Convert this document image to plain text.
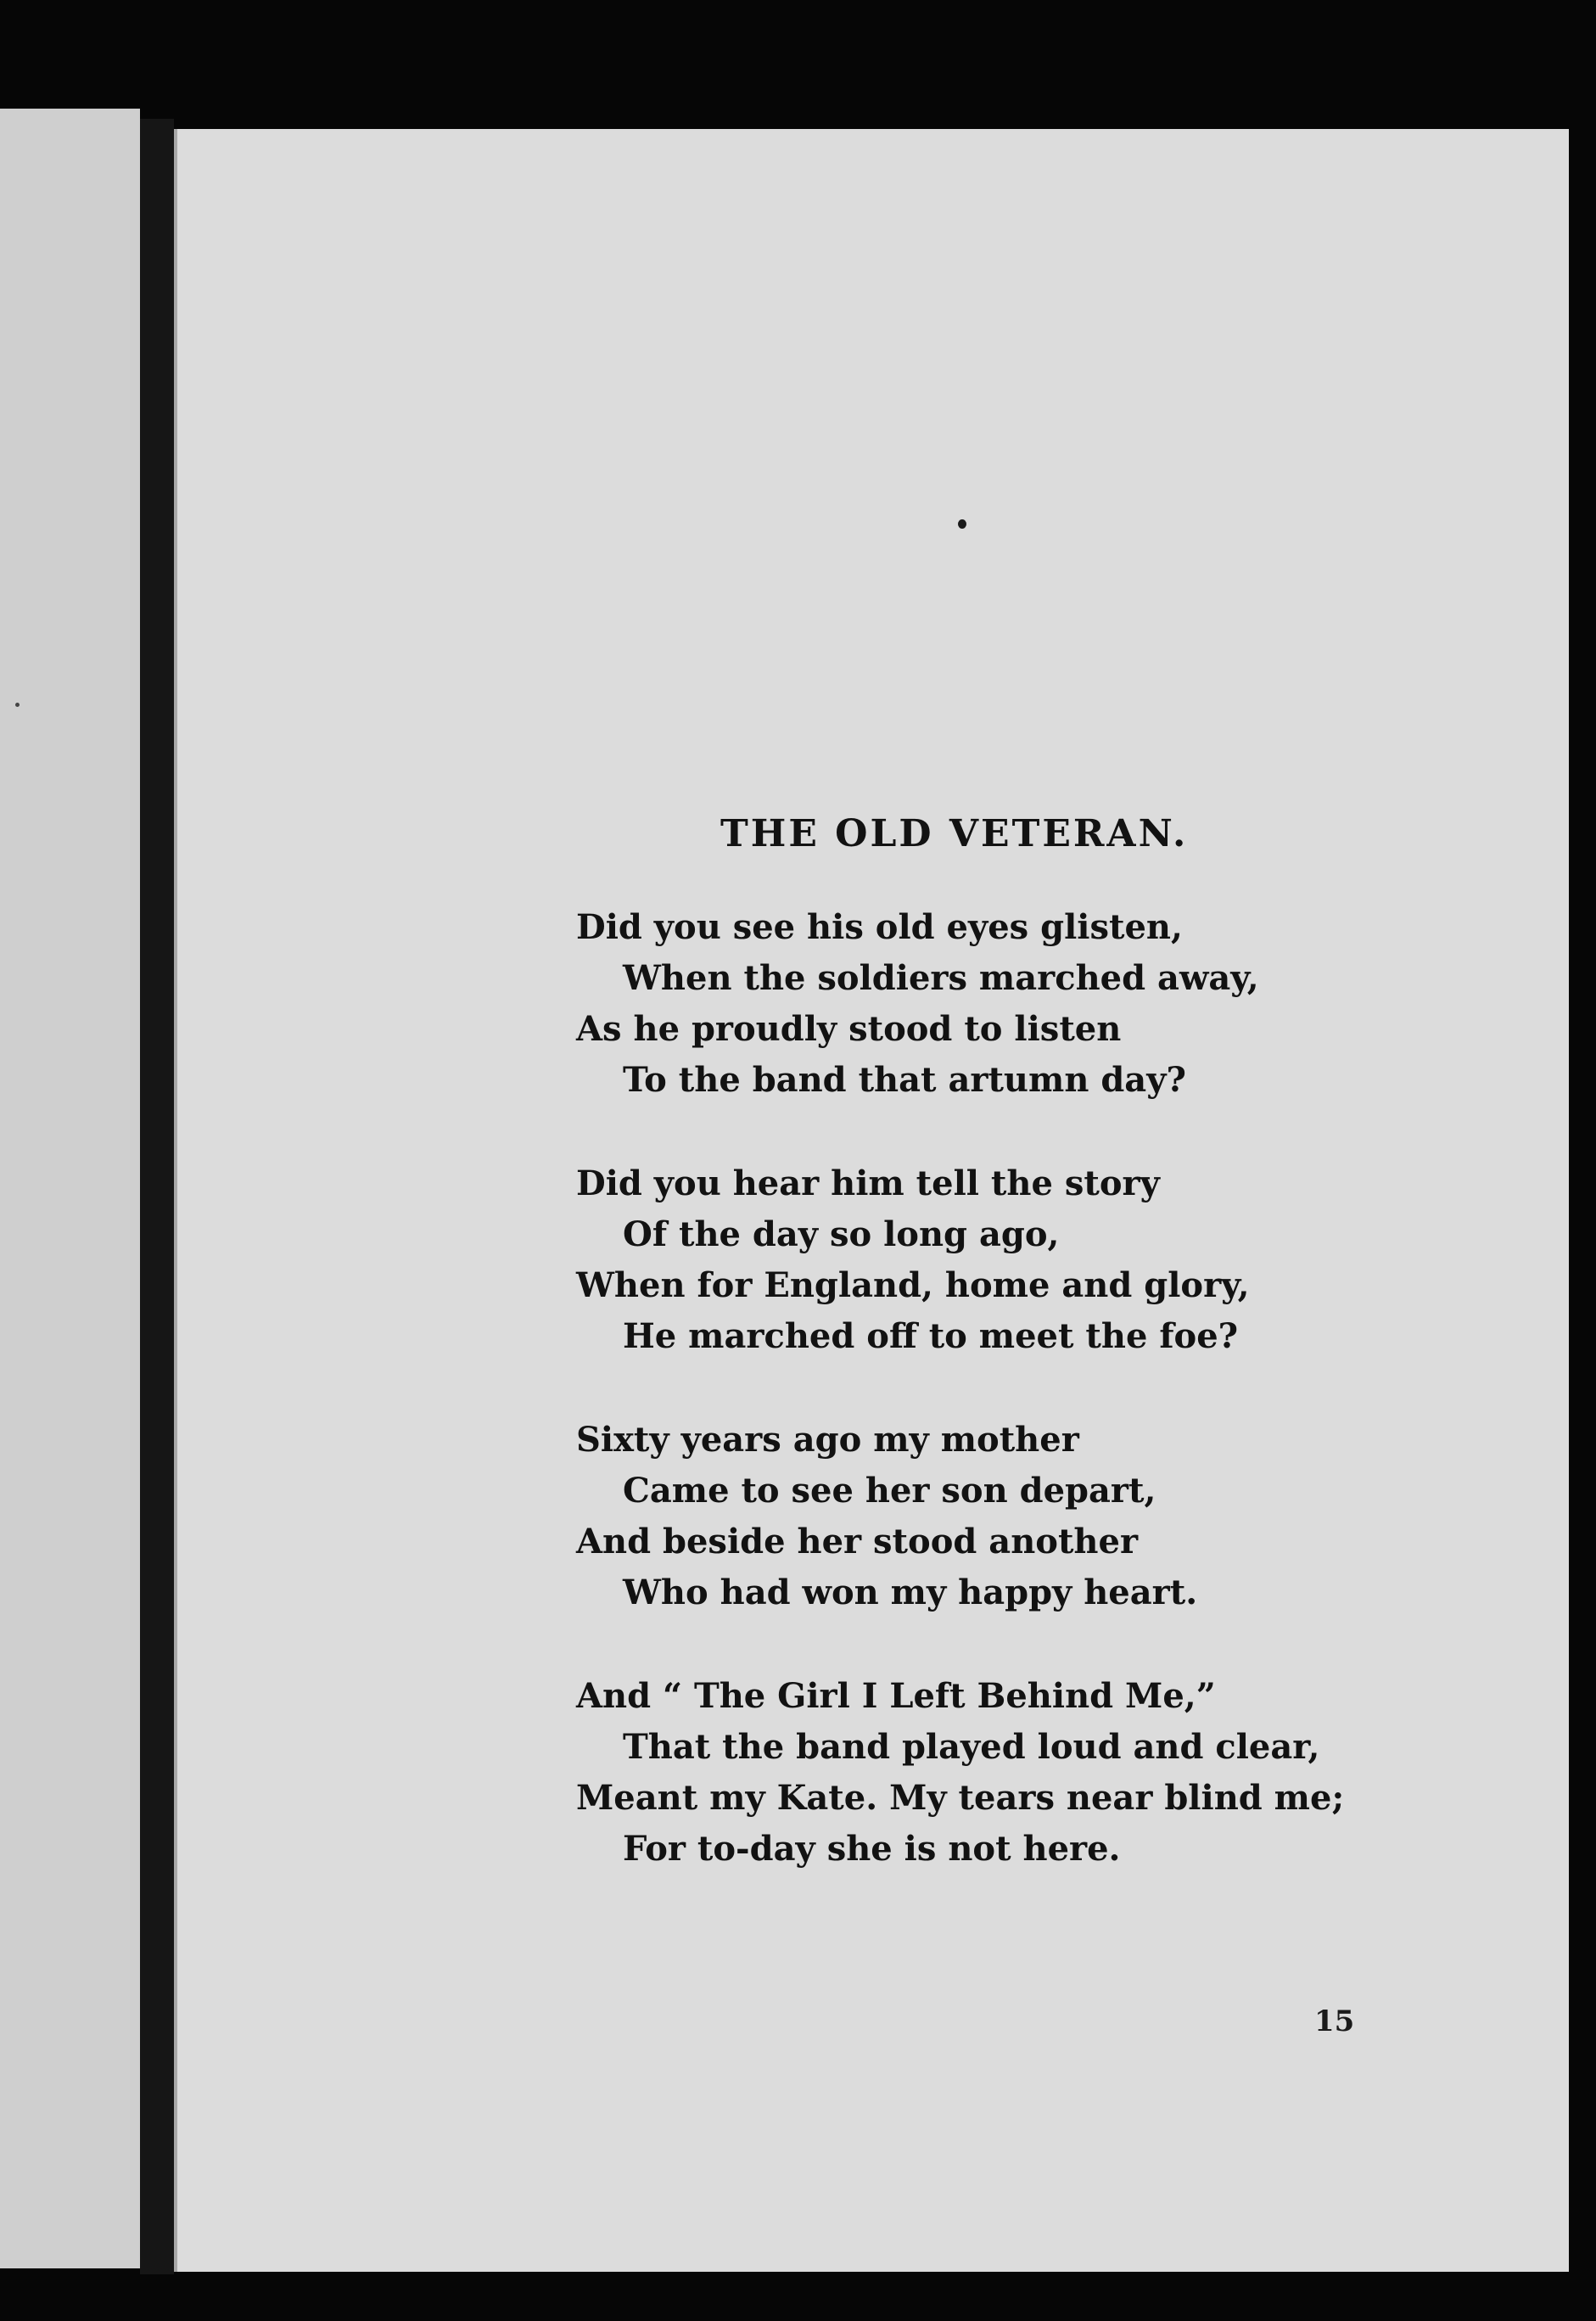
THE OLD VETERAN.
Did you see his old eyes glisten,
When the soldiers marched away,
As he proudly stood to listen
To the band that artumn day?
Did you hear him tell the story
Of the day so long ago,
When for England, home and glory,
He marched off to meet the foe?
Sixty years ago my mother
Came to see her son depart,
And beside her stood another
Who had won my happy heart.
And “ The Girl I Left Behind Me,”
That the band played loud and clear,
Meant my Kate. My tears near blind me;
For to-day she is not here.
15
